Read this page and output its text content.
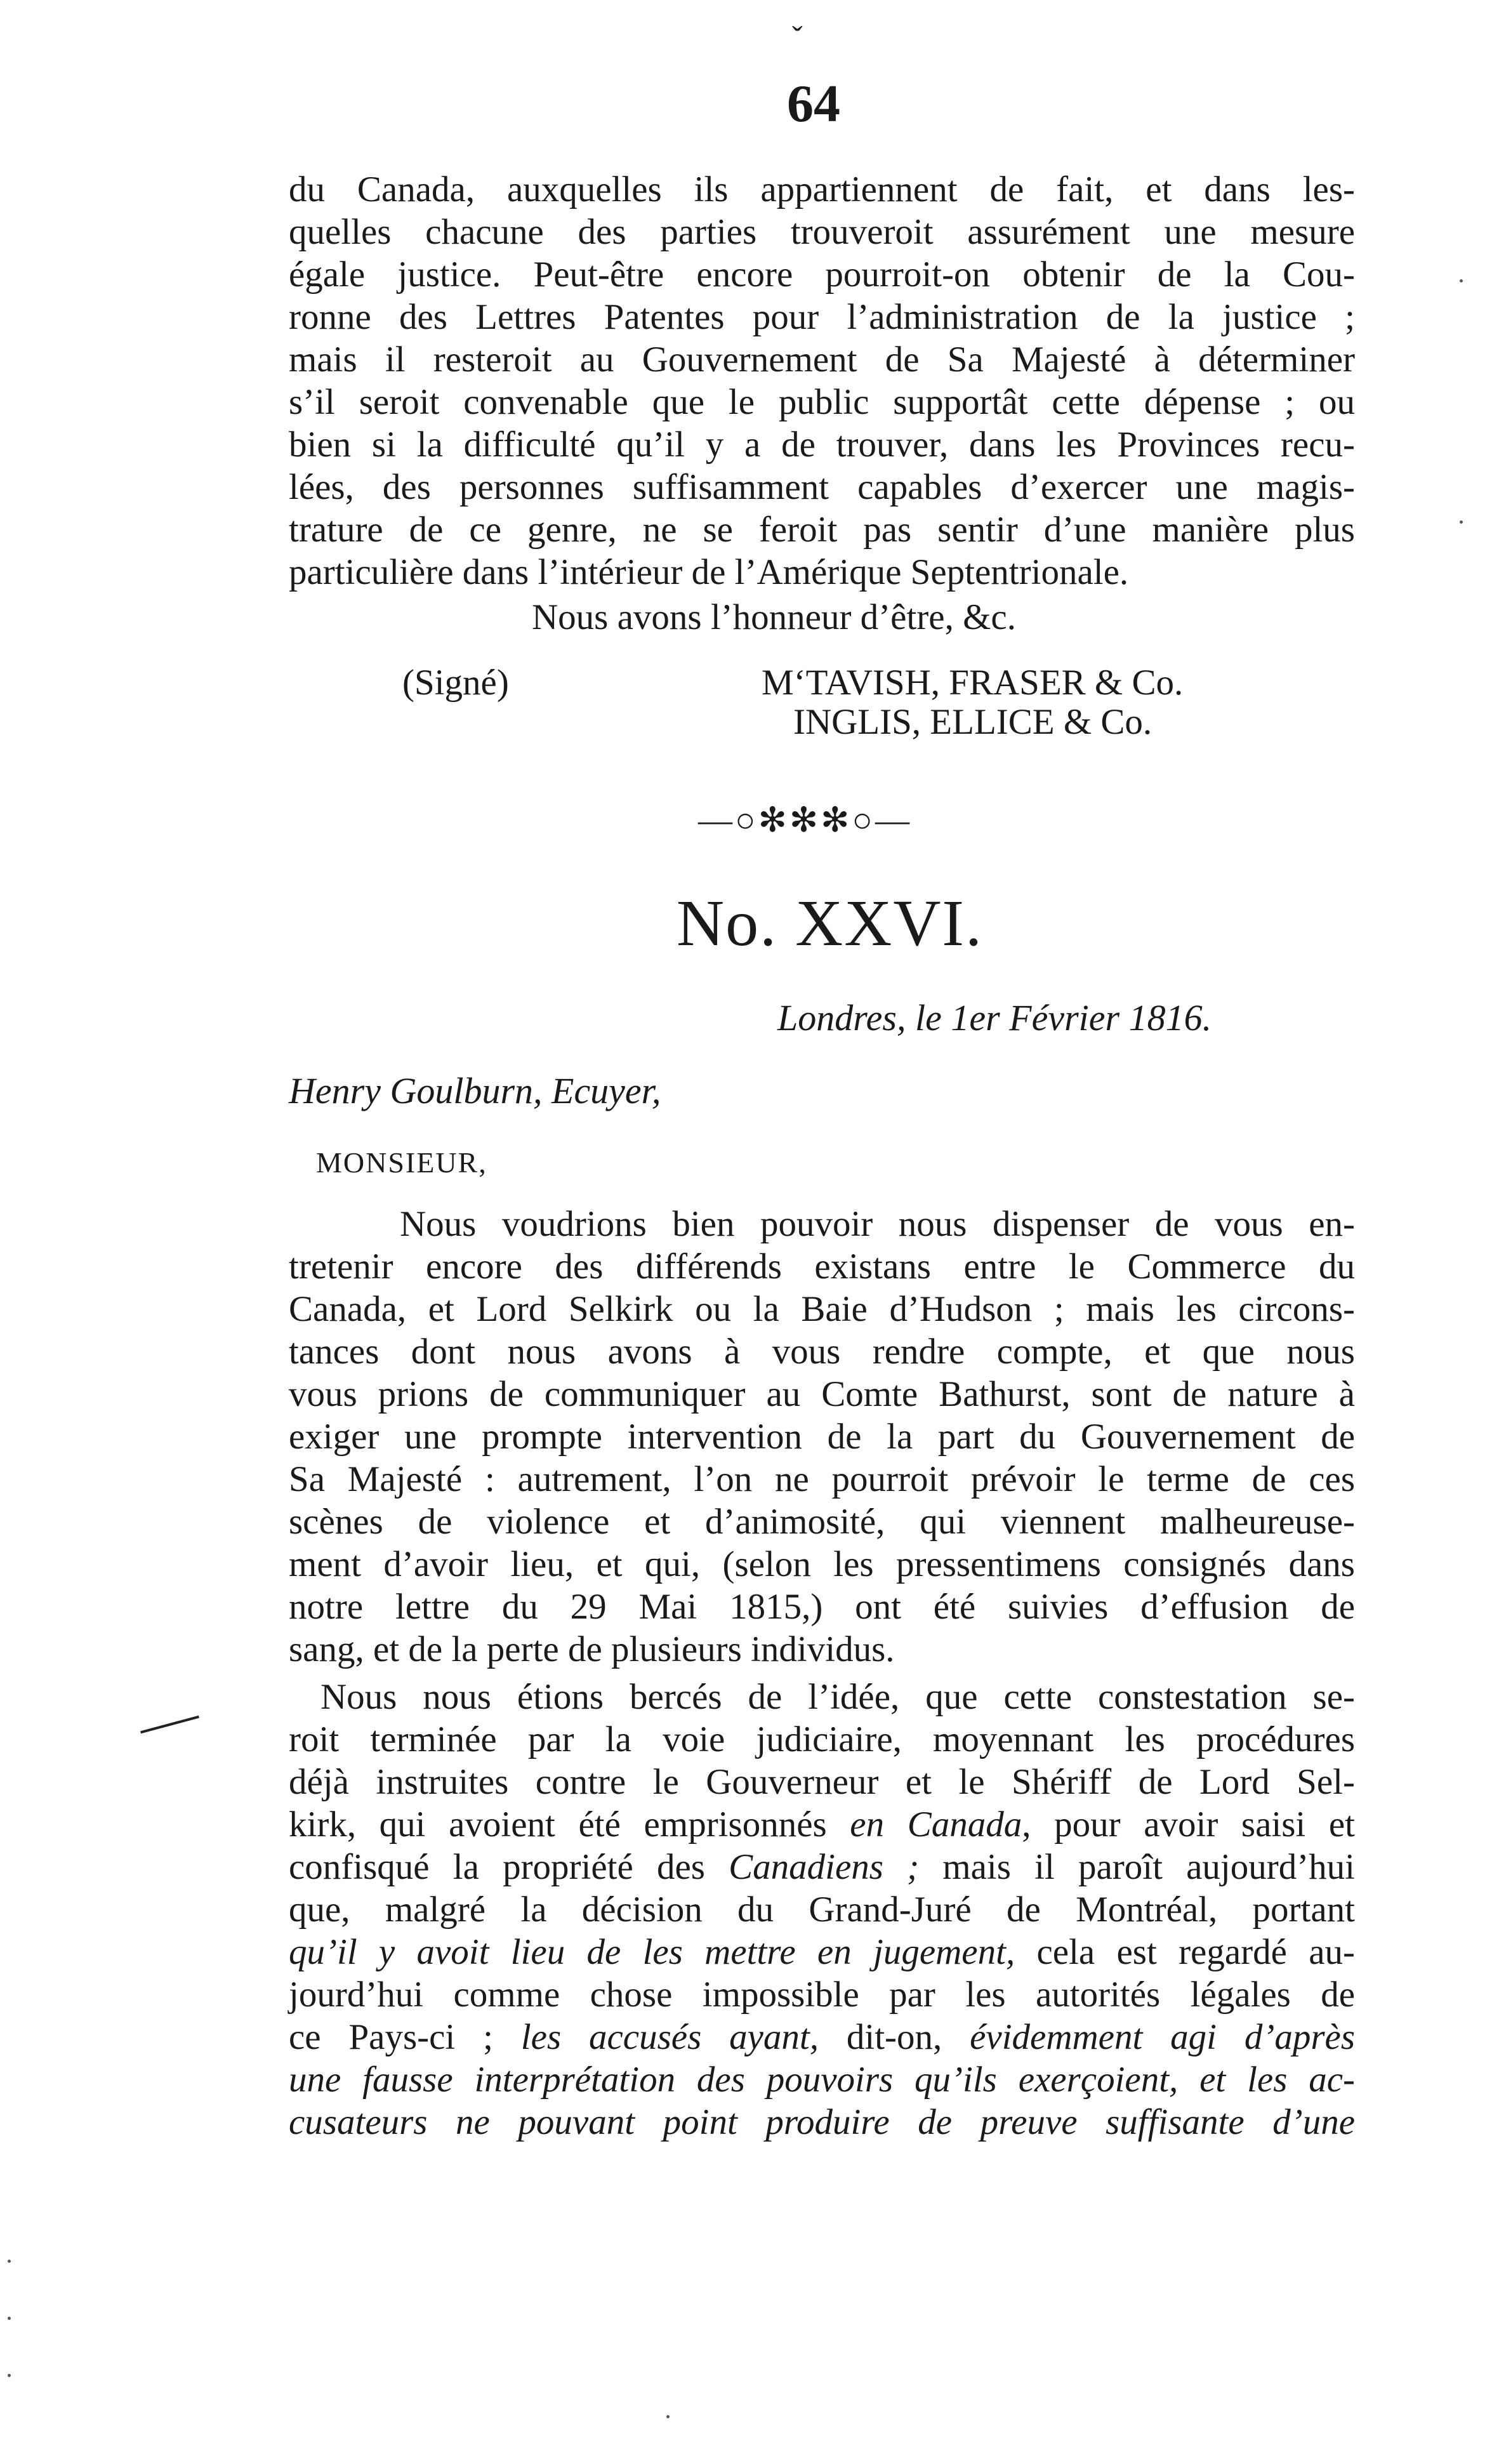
ˇ
64
du Canada, auxquelles ils appartiennent de fait, et dans les-
quelles chacune des parties trouveroit assurément une mesure
égale justice. Peut-être encore pourroit-on obtenir de la Cou-
ronne des Lettres Patentes pour l’administration de la justice ;
mais il resteroit au Gouvernement de Sa Majesté à déterminer
s’il seroit convenable que le public supportât cette dépense ; ou
bien si la difficulté qu’il y a de trouver, dans les Provinces recu-
lées, des personnes suffisamment capables d’exercer une magis-
trature de ce genre, ne se feroit pas sentir d’une manière plus
particulière dans l’intérieur de l’Amérique Septentrionale.
Nous avons l’honneur d’être, &c.
(Signé)	M‘TAVISH, FRASER & Co.
INGLIS, ELLICE & Co.
—○✻✻✻○—
No. XXVI.
Londres, le 1er Février 1816.
Henry Goulburn, Ecuyer,
MONSIEUR,
Nous voudrions bien pouvoir nous dispenser de vous en-
tretenir encore des différends existans entre le Commerce du
Canada, et Lord Selkirk ou la Baie d’Hudson ; mais les circons-
tances dont nous avons à vous rendre compte, et que nous
vous prions de communiquer au Comte Bathurst, sont de nature à
exiger une prompte intervention de la part du Gouvernement de
Sa Majesté : autrement, l’on ne pourroit prévoir le terme de ces
scènes de violence et d’animosité, qui viennent malheureuse-
ment d’avoir lieu, et qui, (selon les pressentimens consignés dans
notre lettre du 29 Mai 1815,) ont été suivies d’effusion de
sang, et de la perte de plusieurs individus.
Nous nous étions bercés de l’idée, que cette constestation se-
roit terminée par la voie judiciaire, moyennant les procédures
déjà instruites contre le Gouverneur et le Shériff de Lord Sel-
kirk, qui avoient été emprisonnés en Canada, pour avoir saisi et
confisqué la propriété des Canadiens ; mais il paroît aujourd’hui
que, malgré la décision du Grand-Juré de Montréal, portant
qu’il y avoit lieu de les mettre en jugement, cela est regardé au-
jourd’hui comme chose impossible par les autorités légales de
ce Pays-ci ; les accusés ayant, dit-on, évidemment agi d’après
une fausse interprétation des pouvoirs qu’ils exerçoient, et les ac-
cusateurs ne pouvant point produire de preuve suffisante d’une
